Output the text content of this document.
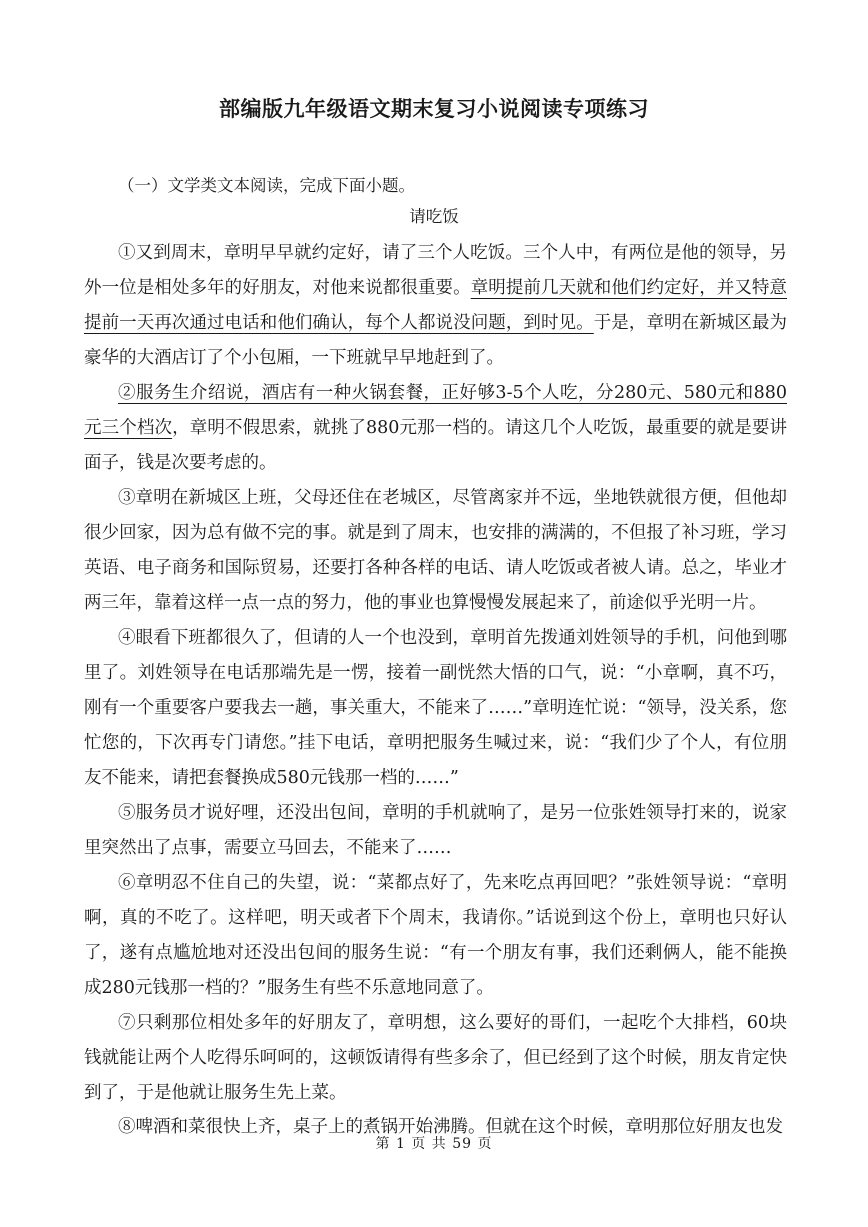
部编版九年级语文期末复习小说阅读专项练习
（一）文学类文本阅读，完成下面小题。
请吃饭
①又到周末，章明早早就约定好，请了三个人吃饭。三个人中，有两位是他的领导，另外一位是相处多年的好朋友，对他来说都很重要。章明提前几天就和他们约定好，并又特意提前一天再次通过电话和他们确认，每个人都说没问题，到时见。于是，章明在新城区最为豪华的大酒店订了个小包厢，一下班就早早地赶到了。
②服务生介绍说，酒店有一种火锅套餐，正好够3-5个人吃，分280元、580元和880元三个档次，章明不假思索，就挑了880元那一档的。请这几个人吃饭，最重要的就是要讲面子，钱是次要考虑的。
③章明在新城区上班，父母还住在老城区，尽管离家并不远，坐地铁就很方便，但他却很少回家，因为总有做不完的事。就是到了周末，也安排的满满的，不但报了补习班，学习英语、电子商务和国际贸易，还要打各种各样的电话、请人吃饭或者被人请。总之，毕业才两三年，靠着这样一点一点的努力，他的事业也算慢慢发展起来了，前途似乎光明一片。
④眼看下班都很久了，但请的人一个也没到，章明首先拨通刘姓领导的手机，问他到哪里了。刘姓领导在电话那端先是一愣，接着一副恍然大悟的口气，说：“小章啊，真不巧，刚有一个重要客户要我去一趟，事关重大，不能来了……”章明连忙说：“领导，没关系，您忙您的，下次再专门请您。”挂下电话，章明把服务生喊过来，说：“我们少了个人，有位朋友不能来，请把套餐换成580元钱那一档的……”
⑤服务员才说好哩，还没出包间，章明的手机就响了，是另一位张姓领导打来的，说家里突然出了点事，需要立马回去，不能来了……
⑥章明忍不住自己的失望，说：“菜都点好了，先来吃点再回吧？”张姓领导说：“章明啊，真的不吃了。这样吧，明天或者下个周末，我请你。”话说到这个份上，章明也只好认了，遂有点尴尬地对还没出包间的服务生说：“有一个朋友有事，我们还剩俩人，能不能换成280元钱那一档的？”服务生有些不乐意地同意了。
⑦只剩那位相处多年的好朋友了，章明想，这么要好的哥们，一起吃个大排档，60块钱就能让两个人吃得乐呵呵的，这顿饭请得有些多余了，但已经到了这个时候，朋友肯定快到了，于是他就让服务生先上菜。
⑧啤酒和菜很快上齐，桌子上的煮锅开始沸腾。但就在这个时候，章明那位好朋友也发
第 1 页 共 59 页
